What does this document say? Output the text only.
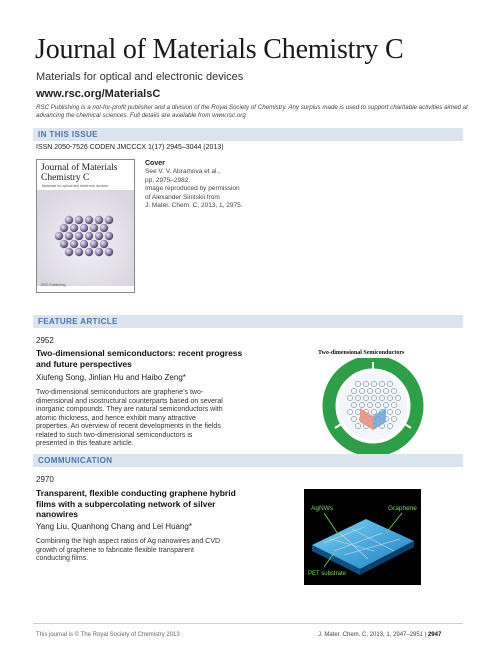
Journal of Materials Chemistry C
Materials for optical and electronic devices
www.rsc.org/MaterialsC
RSC Publishing is a not-for-profit publisher and a division of the Royal Society of Chemistry. Any surplus made is used to support charitable activities aimed at advancing the chemical sciences. Full details are available from www.rsc.org
IN THIS ISSUE
ISSN 2050-7526 CODEN JMCCCX 1(17) 2945–3044 (2013)
Journal of Materials Chemistry C
Materials for optical and electronic devices
RSC Publishing
Cover
See V. V. Abramova et al.,
pp. 2975–2982.
Image reproduced by permission
of Alexander Sinitskii from
J. Mater. Chem. C, 2013, 1, 2975.
FEATURE ARTICLE
2952
Two-dimensional semiconductors: recent progress
and future perspectives
Xiufeng Song, Jinlian Hu and Haibo Zeng*
Two-dimensional semiconductors are graphene’s two-
dimensional and isostructural counterparts based on several
inorganic compounds. They are natural semiconductors with
atomic thickness, and hence exhibit many attractive
properties. An overview of recent developments in the fields
related to such two-dimensional semiconductors is
presented in this feature article.
Two-dimensional Semiconductors
COMMUNICATION
2970
Transparent, flexible conducting graphene hybrid
films with a subpercolating network of silver
nanowires
Yang Liu, Quanhong Chang and Lei Huang*
Combining the high aspect ratios of Ag nanowires and CVD
growth of graphene to fabricate flexible transparent
conducting films.
AgNWs	Graphene
PET substrate
This journal is © The Royal Society of Chemistry 2013	J. Mater. Chem. C, 2013, 1, 2947–2951 | 2947
